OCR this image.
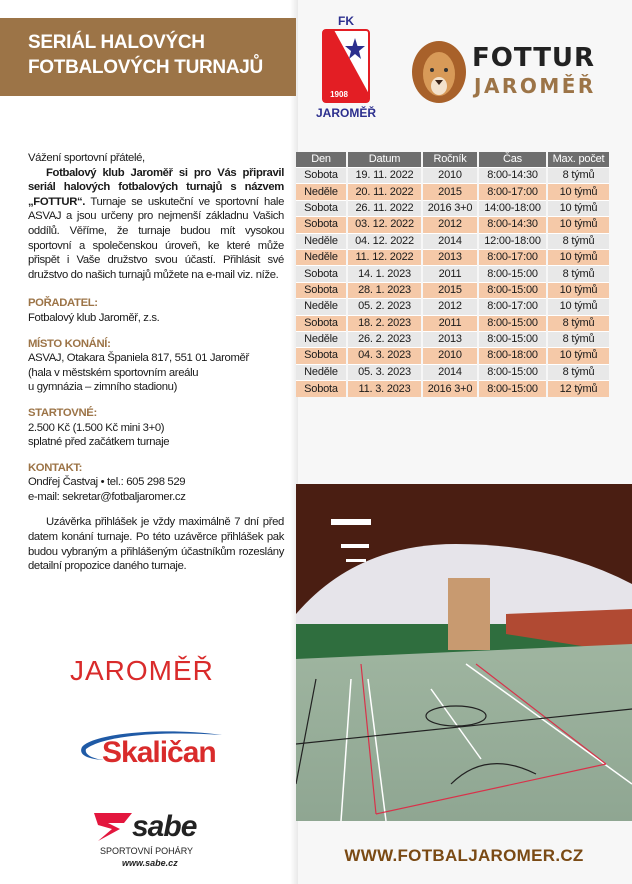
SERIÁL HALOVÝCH
FOTBALOVÝCH TURNAJŮ
FK
1908
JAROMĚŘ
FOTTUR
JAROMĚŘ
Vážení sportovní přátelé,
Fotbalový klub Jaroměř si pro Vás připravil seriál halových fotbalových turnajů s názvem „FOTTUR“. Turnaje se uskuteční ve sportovní hale ASVAJ a jsou určeny pro nejmenší základnu Vašich oddílů. Věříme, že turnaje budou mít vysokou sportovní a společenskou úroveň, ke které může přispět i Vaše družstvo svou účastí. Přihlásit své družstvo do našich turnajů můžete na e-mail viz. níže.
POŘADATEL:
Fotbalový klub Jaroměř, z.s.
MÍSTO KONÁNÍ:
ASVAJ, Otakara Španiela 817, 551 01 Jaroměř
(hala v městském sportovním areálu
u gymnázia – zimního stadionu)
STARTOVNÉ:
2.500 Kč (1.500 Kč mini 3+0)
splatné před začátkem turnaje
KONTAKT:
Ondřej Častvaj • tel.: 605 298 529
e-mail: sekretar@fotbaljaromer.cz
Uzávěrka přihlášek je vždy maximálně 7 dní před datem konání turnaje. Po této uzávěrce přihlášek pak budou vybraným a přihlášeným účastníkům rozeslány detailní propozice daného turnaje.
JAROMĚŘ
Skaličan
sabe
SPORTOVNÍ POHÁRY
www.sabe.cz
Den	Datum	Ročník	Čas	Max. počet
Sobota	19. 11. 2022	2010	8:00-14:30	8 týmů
Neděle	20. 11. 2022	2015	8:00-17:00	10 týmů
Sobota	26. 11. 2022	2016 3+0	14:00-18:00	10 týmů
Sobota	03. 12. 2022	2012	8:00-14:30	10 týmů
Neděle	04. 12. 2022	2014	12:00-18:00	8 týmů
Neděle	11. 12. 2022	2013	8:00-17:00	10 týmů
Sobota	14. 1. 2023	2011	8:00-15:00	8 týmů
Sobota	28. 1. 2023	2015	8:00-15:00	10 týmů
Neděle	05. 2. 2023	2012	8:00-17:00	10 týmů
Sobota	18. 2. 2023	2011	8:00-15:00	8 týmů
Neděle	26. 2. 2023	2013	8:00-15:00	8 týmů
Sobota	04. 3. 2023	2010	8:00-18:00	10 týmů
Neděle	05. 3. 2023	2014	8:00-15:00	8 týmů
Sobota	11. 3. 2023	2016 3+0	8:00-15:00	12 týmů
WWW.FOTBALJAROMER.CZ
